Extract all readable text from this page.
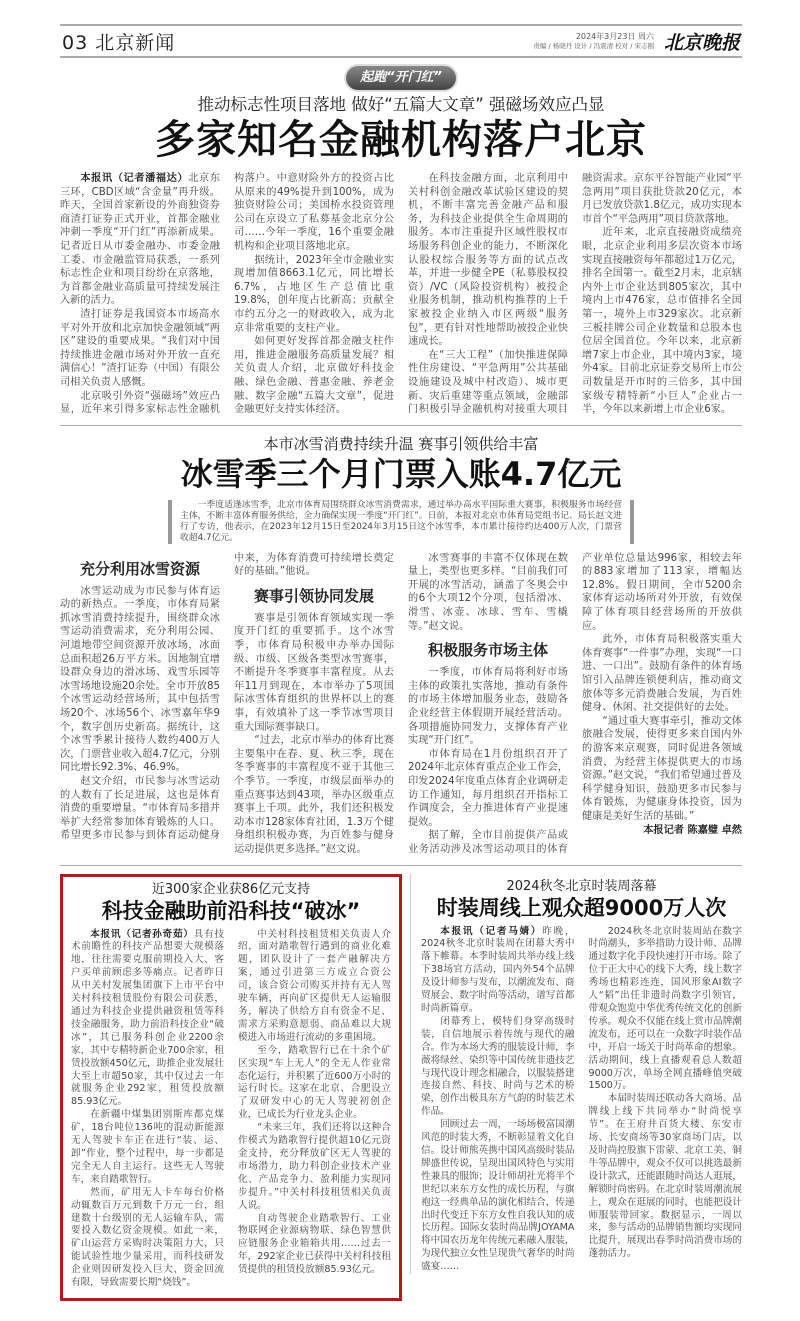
03 北京新闻	2024年3月23日 周六
责编 / 杨晓丹 设计 / 冯震清 校对 / 宋志刚 北京晚报
起跑“开门红”
推动标志性项目落地 做好“五篇大文章” 强磁场效应凸显
多家知名金融机构落户北京

本报讯（记者潘福达）北京东三环，CBD区域“含金量”再升级。昨天，全国首家新设的外商独资券商渣打证券正式开业，首都金融业冲刺一季度“开门红”再添新成果。记者近日从市委金融办、市委金融工委、市金融监管局获悉，一系列标志性企业和项目纷纷在京落地，为首都金融业高质量可持续发展注入新的活力。

渣打证券是我国资本市场高水平对外开放和北京加快金融领域“两区”建设的重要成果。“我们对中国持续推进金融市场对外开放一直充满信心！”渣打证券（中国）有限公司相关负责人感慨。

北京吸引外资“强磁场”效应凸显，近年来引得多家标志性金融机构落户。中意财险外方的投资占比从原来的49%提升到100%，成为独资财险公司；美国桥水投资管理公司在京设立了私募基金北京分公司……今年一季度，16个重要金融机构和企业项目落地北京。

据统计，2023年全市金融业实现增加值8663.1亿元，同比增长6.7%，占地区生产总值比重19.8%，创年度占比新高；贡献全市约五分之一的财政收入，成为北京非常重要的支柱产业。

如何更好发挥首都金融支柱作用，推进金融服务高质量发展？相关负责人介绍，北京做好科技金融、绿色金融、普惠金融、养老金融、数字金融“五篇大文章”，促进金融更好支持实体经济。

在科技金融方面，北京利用中关村科创金融改革试验区建设的契机，不断丰富完善金融产品和服务，为科技企业提供全生命周期的服务。本市注重提升区域性股权市场服务科创企业的能力，不断深化认股权综合服务等方面的试点改革，并进一步健全PE（私募股权投资）/VC（风险投资机构）被投企业服务机制，推动机构推荐的上千家被投企业纳入市区两级“服务包”，更有针对性地帮助被投企业快速成长。

在“三大工程”（加快推进保障性住房建设、“平急两用”公共基础设施建设及城中村改造）、城市更新、灾后重建等重点领域，金融部门积极引导金融机构对接重大项目融资需求。京东平谷智能产业园“平急两用”项目获批贷款20亿元，本月已发放贷款1.8亿元，成功实现本市首个“平急两用”项目贷款落地。

近年来，北京直接融资成绩亮眼，北京企业利用多层次资本市场实现直接融资每年都超过1万亿元，排名全国第一。截至2月末，北京辖内外上市企业达到805家次，其中境内上市476家，总市值排名全国第一，境外上市329家次。北京新三板挂牌公司企业数量和总股本也位居全国首位。今年以来，北京新增7家上市企业，其中境内3家，境外4家。目前北京证券交易所上市公司数量是开市时的三倍多，其中国家级专精特新“小巨人”企业占一半，今年以来新增上市企业6家。

本市冰雪消费持续升温 赛事引领供给丰富
冰雪季三个月门票入账4.7亿元
一季度适逢冰雪季，北京市体育局围绕群众冰雪消费需求，通过举办高水平国际重大赛事，积极服务市场经营主体，不断丰富体育服务供给，全力确保实现一季度“开门红”。日前，本报对北京市体育局党组书记、局长赵文进行了专访，他表示，在2023年12月15日至2024年3月15日这个冰雪季，本市累计接待约达400万人次，门票营收超4.7亿元。
充分利用冰雪资源

冰雪运动成为市民参与体育运动的新热点。一季度，市体育局紧抓冰雪消费持续提升，围绕群众冰雪运动消费需求，充分利用公园、河道地带空间资源开放冰场，冰面总面积超26万平方米。因地制宜增设群众身边的滑冰场、戏雪乐园等冰雪场地设施20余处。全市开放85个冰雪运动经营场所，其中包括雪场20个、冰场56个、冰雪嘉年华9个，数字创历史新高。据统计，这个冰雪季累计接待人数约400万人次，门票营业收入超4.7亿元，分别同比增长92.3%、46.9%。

赵文介绍，市民参与冰雪运动的人数有了长足进展，这也是体育消费的重要增量。“市体育局多措并举扩大经常参加体育锻炼的人口。希望更多市民参与到体育运动健身中来，为体育消费可持续增长奠定好的基础。”他说。

赛事引领协同发展

赛事是引领体育领域实现一季度开门红的重要抓手。这个冰雪季，市体育局积极申办举办国际级、市级、区级各类型冰雪赛事，不断提升冬季赛事丰富程度。从去年11月到现在，本市举办了5项国际冰雪体育组织的世界杯以上的赛事，有效填补了这一季节冰雪项目重大国际赛事缺口。

“过去，北京市举办的体育比赛主要集中在春、夏、秋三季，现在冬季赛事的丰富程度不亚于其他三个季节。一季度，市级层面举办的重点赛事达到43项，举办区级重点赛事上千项。此外，我们还积极发动本市128家体育社团，1.3万个健身组织积极办赛，为百姓参与健身运动提供更多选择。”赵文说。

冰雪赛事的丰富不仅体现在数量上，类型也更多样。“目前我们可开展的冰雪活动，涵盖了冬奥会中的6个大项12个分项，包括滑冰、滑雪、冰壶、冰球、雪车、雪橇等。”赵文说。

积极服务市场主体

一季度，市体育局将利好市场主体的政策扎实落地，推动有条件的市场主体增加服务业态，鼓励各企业经营主体假期开展经营活动。各项措施协同发力，支撑体育产业实现“开门红”。

市体育局在1月份组织召开了2024年北京体育重点企业工作会，印发2024年度重点体育企业调研走访工作通知，每月组织召开指标工作调度会，全力推进体育产业提速提效。

据了解，全市目前提供产品或业务活动涉及冰雪运动项目的体育产业单位总量达996家，相较去年的883家增加了113家，增幅达12.8%。假日期间，全市5200余家体育运动场所对外开放，有效保障了体育项目经营场所的开放供应。

此外，市体育局积极落实重大体育赛事“一件事”办理，实现“一口进、一口出”。鼓励有条件的体育场馆引入品牌连锁便利店，推动商文旅体等多元消费融合发展，为百姓健身、休闲、社交提供好的去处。

“通过重大赛事牵引，推动文体旅融合发展，使得更多来自国内外的游客来京观赛，同时促进各领域消费，为经营主体提供更大的市场资源。”赵文说，“我们希望通过普及科学健身知识，鼓励更多市民参与体育锻炼，为健康身体投资，因为健康是美好生活的基础。”

本报记者 陈嘉璧 卓然

近300家企业获86亿元支持
科技金融助前沿科技“破冰”

本报讯（记者孙奇茹）具有技术前瞻性的科技产品想要大规模落地，往往需要克服前期投入大、客户买单前顾虑多等痛点。记者昨日从中关村发展集团旗下上市平台中关村科技租赁股份有限公司获悉，通过为科技企业提供融资租赁等科技金融服务，助力前沿科技企业“破冰”，其已服务科创企业2200余家，其中专精特新企业700余家，租赁投放额450亿元，助推企业发展壮大至上市超50家，其中仅过去一年就服务企业292家，租赁投放额85.93亿元。

在新疆中煤集团别斯库都克煤矿，18台吨位136吨的混动新能源无人驾驶卡车正在进行“装、运、卸”作业，整个过程中，每一步都是完全无人自主运行。这些无人驾驶车，来自踏歌智行。

然而，矿用无人卡车每台价格动辄数百万元到数千万元一台，组建数十台级别的无人运输车队，需要投入数亿资金规模。如此一来，矿山运营方采购时决策阻力大，只能试验性地少量采用，而科技研发企业则因研发投入巨大、资金回流有限，导致需要长期“烧钱”。

中关村科技租赁相关负责人介绍，面对踏歌智行遇到的商业化难题，团队设计了一套产融解决方案，通过引进第三方成立合资公司，该合资公司购买并持有无人驾驶车辆，再向矿区提供无人运输服务，解决了供给方自有资金不足、需求方采购意愿弱、商品难以大规模进入市场进行流动的多重困境。

至今，踏歌智行已在十余个矿区实现“车上无人”的全无人作业常态化运行，并积累了近600万小时的运行时长。这家在北京、合肥设立了双研发中心的无人驾驶初创企业，已成长为行业龙头企业。

“未来三年，我们还将以这种合作模式为踏歌智行提供超10亿元资金支持，充分释放矿区无人驾驶的市场潜力，助力科创企业技术产业化、产品竞争力、盈利能力实现同步提升。”中关村科技租赁相关负责人说。

自动驾驶企业踏歌智行、工业物联网企业源病物联、绿色智慧供应链服务企业箱箱共用……过去一年，292家企业已获得中关村科技租赁提供的租赁投放额85.93亿元。

2024秋冬北京时装周落幕
时装周线上观众超9000万人次

本报讯（记者马婧）昨晚，2024秋冬北京时装周在闭幕大秀中落下帷幕。本季时装周共举办线上线下38场官方活动，国内外54个品牌及设计师参与发布，以潮流发布、商贸展会、数字时尚等活动，谱写首都时尚新篇章。

闭幕秀上，模特们身穿高级时装，自信地展示着传统与现代的融合。作为本场大秀的服装设计师，李薇将绿丝、染织等中国传统非遗技艺与现代设计理念相融合，以服装搭建连接自然、科技、时尚与艺术的桥梁，创作出极具东方气韵的时装艺术作品。

回顾过去一周，一场场极富国潮风范的时装大秀，不断彰显着文化自信。设计师熊英携中国风高级时装品牌盛世传说，呈现出国风特色与实用性兼具的服饰；设计师胡社光将半个世纪以来东方女性的成长历程，与旗袍这一经典单品的演化相结合，传递出时代变迁下东方女性自我认知的成长历程。国际女装时尚品牌JOYAMA将中国农历龙年传统元素融入服装，为现代独立女性呈现贵气奢华的时尚盛宴……

2024秋冬北京时装周站在数字时尚潮头，多举措助力设计师、品牌通过数字化手段快速打开市场。除了位于正大中心的线下大秀，线上数字秀场也精彩连连，国风形象AI数字人“韬”出任非遗时尚数字引领官，带观众饱览中华优秀传统文化的创新传承。观众不仅能在线上赏市品牌潮流发布，还可以在一众数字时装作品中，开启一场关于时尚革命的想象。活动期间，线上直播观看总人数超9000万次，单场全网直播峰值突破1500万。

本届时装周还联动各大商场、品牌线上线下共同举办“时尚悦享节”。在王府井百货大楼、东安市场、长安商场等30家商场门店，以及时尚控股旗下雷蒙、北京工美、铜牛等品牌中，观众不仅可以挑选最新设计款式，还能跟随时尚达人逛展，解锁时尚密码。在北京时装周潮流展上，观众在逛展的同时，也能把设计师服装带回家。数据显示，一周以来，参与活动的品牌销售额均实现同比提升，展现出春季时尚消费市场的蓬勃活力。
